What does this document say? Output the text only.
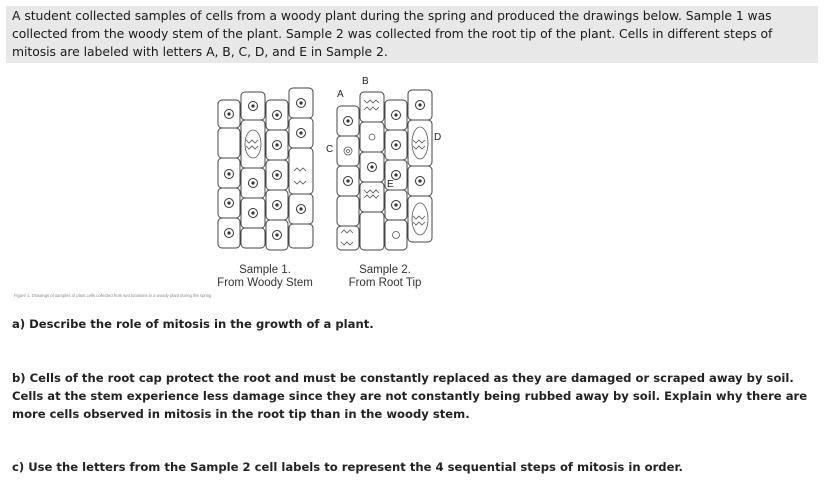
A student collected samples of cells from a woody plant during the spring and produced the drawings below. Sample 1 was collected from the woody stem of the plant. Sample 2 was collected from the root tip of the plant. Cells in different steps of mitosis are labeled with letters A, B, C, D, and E in Sample 2.
A
B
C
D
E
Sample 1.
From Woody Stem
Sample 2.
From Root Tip
Figure 1. Drawings of samples of plant cells collected from two locations in a woody plant during the spring
a) Describe the role of mitosis in the growth of a plant.
b) Cells of the root cap protect the root and must be constantly replaced as they are damaged or scraped away by soil. Cells at the stem experience less damage since they are not constantly being rubbed away by soil. Explain why there are more cells observed in mitosis in the root tip than in the woody stem.
c) Use the letters from the Sample 2 cell labels to represent the 4 sequential steps of mitosis in order.
